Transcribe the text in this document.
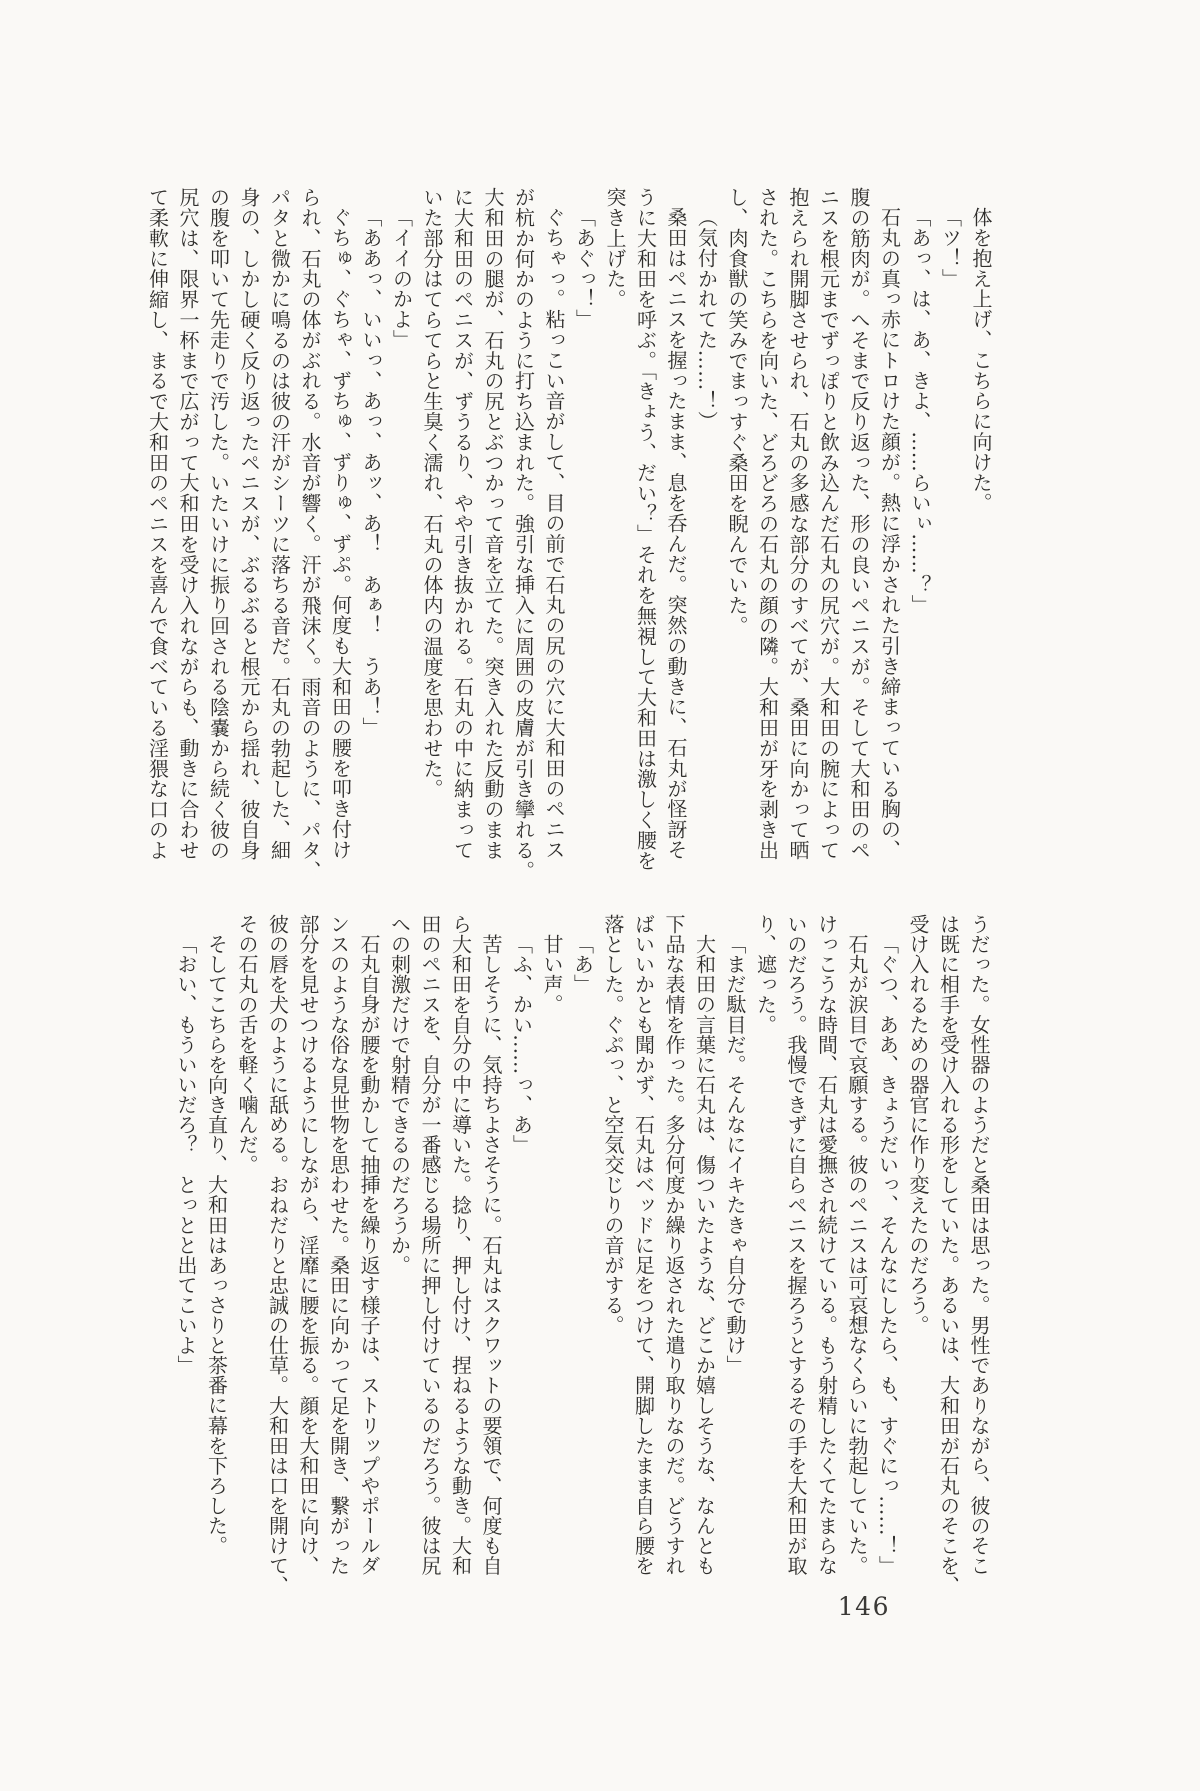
体を抱え上げ、こちらに向けた。

「ツ！」

「あっ、は、あ、きよ、……らいぃ……？」

石丸の真っ赤にトロけた顔が。熱に浮かされた引き締まっている胸の、

腹の筋肉が。へそまで反り返った、形の良いペニスが。そして大和田のペ

ニスを根元までずっぽりと飲み込んだ石丸の尻穴が。大和田の腕によって

抱えられ開脚させられ、石丸の多感な部分のすべてが、桑田に向かって晒

された。こちらを向いた、どろどろの石丸の顔の隣。大和田が牙を剥き出

し、肉食獣の笑みでまっすぐ桑田を睨んでいた。

（気付かれてた……！）

桑田はペニスを握ったまま、息を呑んだ。突然の動きに、石丸が怪訝そ

うに大和田を呼ぶ。「きょう、だい？」それを無視して大和田は激しく腰を

突き上げた。

「あぐっ！」

ぐちゃっ。粘っこい音がして、目の前で石丸の尻の穴に大和田のペニス

が杭か何かのように打ち込まれた。強引な挿入に周囲の皮膚が引き攣れる。

大和田の腿が、石丸の尻とぶつかって音を立てた。突き入れた反動のまま

に大和田のペニスが、ずうるり、やや引き抜かれる。石丸の中に納まって

いた部分はてらてらと生臭く濡れ、石丸の体内の温度を思わせた。

「イイのかよ」

「ああっ、いいっ、あっ、あッ、あ！　あぁ！　うあ！」

ぐちゅ、ぐちゃ、ずちゅ、ずりゅ、ずぷ。何度も大和田の腰を叩き付け

られ、石丸の体がぶれる。水音が響く。汗が飛沫く。雨音のように、パタ、

パタと微かに鳴るのは彼の汗がシーツに落ちる音だ。石丸の勃起した、細

身の、しかし硬く反り返ったペニスが、ぶるぶると根元から揺れ、彼自身

の腹を叩いて先走りで汚した。いたいけに振り回される陰嚢から続く彼の

尻穴は、限界一杯まで広がって大和田を受け入れながらも、動きに合わせ

て柔軟に伸縮し、まるで大和田のペニスを喜んで食べている淫猥な口のよ

うだった。女性器のようだと桑田は思った。男性でありながら、彼のそこ

は既に相手を受け入れる形をしていた。あるいは、大和田が石丸のそこを、

受け入れるための器官に作り変えたのだろう。

「ぐつ、ああ、きょうだいっ、そんなにしたら、も、すぐにっ……！」

石丸が涙目で哀願する。彼のペニスは可哀想なくらいに勃起していた。

けっこうな時間、石丸は愛撫され続けている。もう射精したくてたまらな

いのだろう。我慢できずに自らペニスを握ろうとするその手を大和田が取

り、遮った。

「まだ駄目だ。そんなにイキたきゃ自分で動け」

大和田の言葉に石丸は、傷ついたような、どこか嬉しそうな、なんとも

下品な表情を作った。多分何度か繰り返された遣り取りなのだ。どうすれ

ばいいかとも聞かず、石丸はベッドに足をつけて、開脚したまま自ら腰を

落とした。ぐぷっ、と空気交じりの音がする。

「あ」

甘い声。

「ふ、かい……っ、あ」

苦しそうに、気持ちよさそうに。石丸はスクワットの要領で、何度も自

ら大和田を自分の中に導いた。捻り、押し付け、捏ねるような動き。大和

田のペニスを、自分が一番感じる場所に押し付けているのだろう。彼は尻

への刺激だけで射精できるのだろうか。

石丸自身が腰を動かして抽挿を繰り返す様子は、ストリップやポールダ

ンスのような俗な見世物を思わせた。桑田に向かって足を開き、繋がった

部分を見せつけるようにしながら、淫靡に腰を振る。顔を大和田に向け、

彼の唇を犬のように舐める。おねだりと忠誠の仕草。大和田は口を開けて、

その石丸の舌を軽く噛んだ。

そしてこちらを向き直り、大和田はあっさりと茶番に幕を下ろした。

「おい、もういいだろ？　とっとと出てこいよ」

146
